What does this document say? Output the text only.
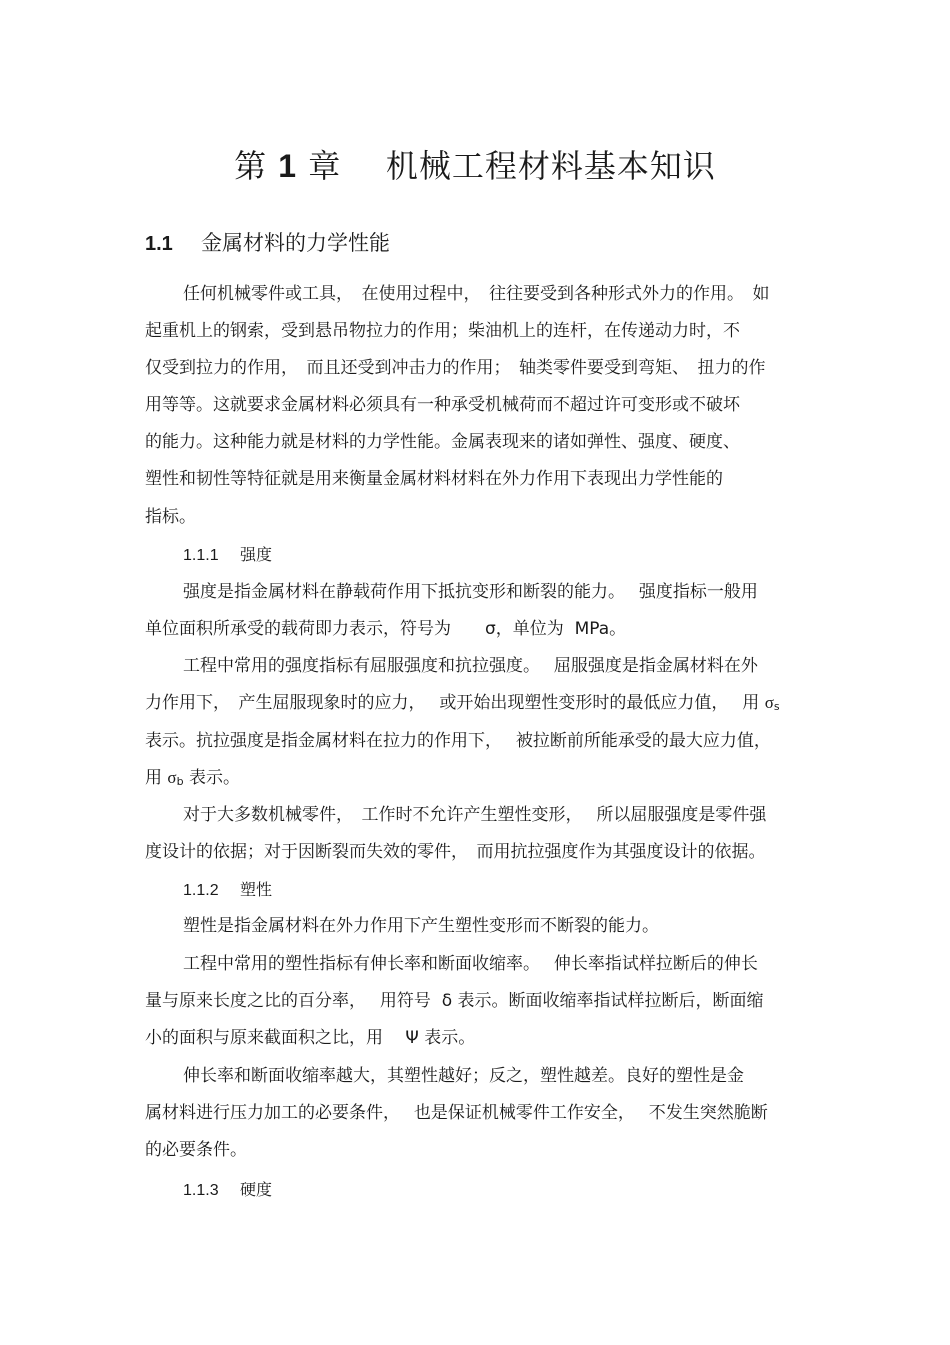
第 1 章 机械工程材料基本知识
1.1 金属材料的力学性能
任何机械零件或工具，　在使用过程中，　往往要受到各种形式外力的作用。　如
起重机上的钢索，受到悬吊物拉力的作用；柴油机上的连杆，在传递动力时，不
仅受到拉力的作用，　而且还受到冲击力的作用；　轴类零件要受到弯矩、　扭力的作
用等等。这就要求金属材料必须具有一种承受机械荷而不超过许可变形或不破坏
的能力。这种能力就是材料的力学性能。金属表现来的诸如弹性、强度、硬度、
塑性和韧性等特征就是用来衡量金属材料材料在外力作用下表现出力学性能的
指标。
1.1.1 强度
强度是指金属材料在静载荷作用下抵抗变形和断裂的能力。　 强度指标一般用
单位面积所承受的载荷即力表示，符号为　　σ，单位为  MPa。
工程中常用的强度指标有屈服强度和抗拉强度。　 屈服强度是指金属材料在外
力作用下，　产生屈服现象时的应力，　 或开始出现塑性变形时的最低应力值，　 用 $\sigma_s$
表示。抗拉强度是指金属材料在拉力的作用下，　 被拉断前所能承受的最大应力值，
用 $\sigma_b$ 表示。
对于大多数机械零件，　工作时不允许产生塑性变形，　 所以屈服强度是零件强
度设计的依据；对于因断裂而失效的零件，　而用抗拉强度作为其强度设计的依据。
1.1.2 塑性
塑性是指金属材料在外力作用下产生塑性变形而不断裂的能力。
工程中常用的塑性指标有伸长率和断面收缩率。　 伸长率指试样拉断后的伸长
量与原来长度之比的百分率，　 用符号  δ 表示。断面收缩率指试样拉断后，断面缩
小的面积与原来截面积之比，用　 Ψ 表示。
伸长率和断面收缩率越大，其塑性越好；反之，塑性越差。良好的塑性是金
属材料进行压力加工的必要条件，　 也是保证机械零件工作安全，　 不发生突然脆断
的必要条件。
1.1.3 硬度
